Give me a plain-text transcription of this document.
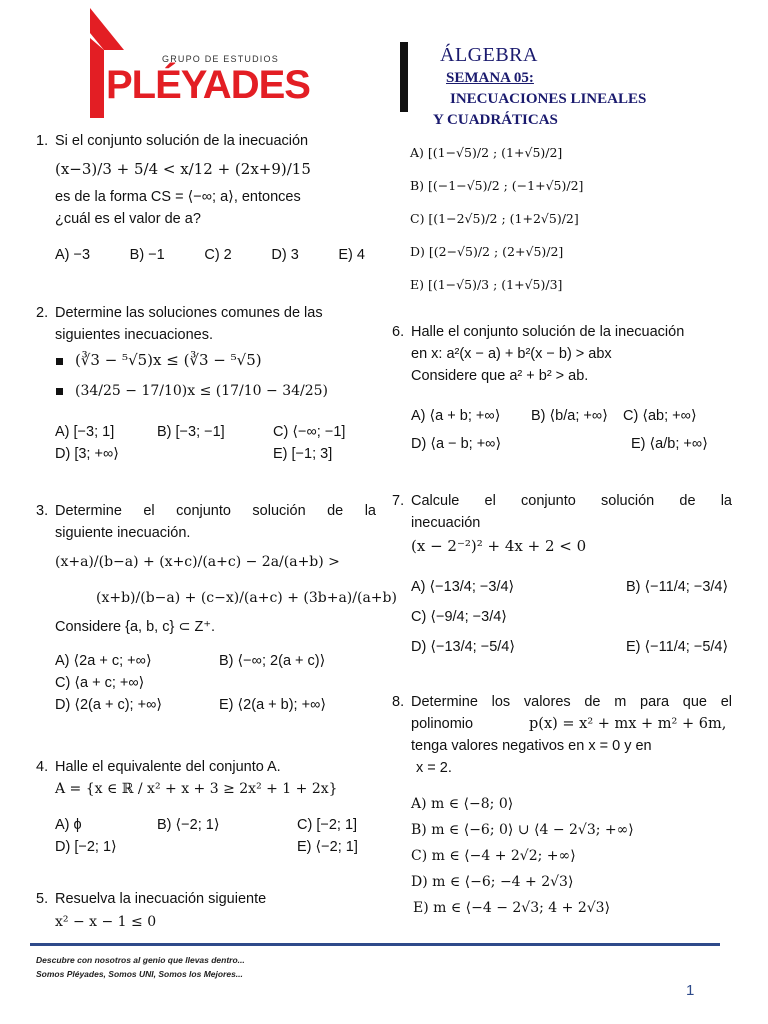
GRUPO DE ESTUDIOS
PLÉYADES
ÁLGEBRA
SEMANA 05:
INECUACIONES LINEALES
Y CUADRÁTICAS
1. Si el conjunto solución de la inecuación
(x−3)/3 + 5/4 < x/12 + (2x+9)/15
es de la forma CS = ⟨−∞; a⟩, entonces
¿cuál es el valor de a?
A) −3	B) −1	C) 2	D) 3	E) 4
2. Determine las soluciones comunes de las
siguientes inecuaciones.
(∛3 − ⁵√5)x ≤ (∛3 − ⁵√5)
(34/25 − 17/10)x ≤ (17/10 − 34/25)
A) [−3; 1]	B) [−3; −1]	C) ⟨−∞; −1]
D) [3; +∞⟩	E) [−1; 3]
3. Determine el conjunto solución de la
siguiente inecuación.
(x+a)/(b−a) + (x+c)/(a+c) − 2a/(a+b) >
(x+b)/(b−a) + (c−x)/(a+c) + (3b+a)/(a+b)
Considere {a, b, c} ⊂ Z⁺.
A) ⟨2a + c; +∞⟩	B) ⟨−∞; 2(a + c)⟩
C) ⟨a + c; +∞⟩
D) ⟨2(a + c); +∞⟩	E) ⟨2(a + b); +∞⟩
4. Halle el equivalente del conjunto A.
A = {x ∈ ℝ / x² + x + 3 ≥ 2x² + 1 + 2x}
A) ϕ	B) ⟨−2; 1⟩	C) [−2; 1]
D) [−2; 1⟩	E) ⟨−2; 1]
5. Resuelva la inecuación siguiente
x² − x − 1 ≤ 0
A) [(1−√5)/2 ; (1+√5)/2]
B) [(−1−√5)/2 ; (−1+√5)/2]
C) [(1−2√5)/2 ; (1+2√5)/2]
D) [(2−√5)/2 ; (2+√5)/2]
E) [(1−√5)/3 ; (1+√5)/3]
6. Halle el conjunto solución de la inecuación
en x: a²(x − a) + b²(x − b) > abx
Considere que a² + b² > ab.
A) ⟨a + b; +∞⟩	B) ⟨b/a; +∞⟩	C) ⟨ab; +∞⟩
D) ⟨a − b; +∞⟩	E) ⟨a/b; +∞⟩
7. Calcule el conjunto solución de la
inecuación
(x − 2⁻²)² + 4x + 2 < 0
A) ⟨−13/4; −3/4⟩	B) ⟨−11/4; −3/4⟩
C) ⟨−9/4; −3/4⟩
D) ⟨−13/4; −5/4⟩	E) ⟨−11/4; −5/4⟩
8. Determine los valores de m para que el
polinomio	p(x) = x² + mx + m² + 6m,
tenga valores negativos en x = 0 y en
x = 2.
A) m ∈ ⟨−8; 0⟩
B) m ∈ ⟨−6; 0⟩ ∪ ⟨4 − 2√3; +∞⟩
C) m ∈ ⟨−4 + 2√2; +∞⟩
D) m ∈ ⟨−6; −4 + 2√3⟩
E) m ∈ ⟨−4 − 2√3; 4 + 2√3⟩
Descubre con nosotros al genio que llevas dentro...
Somos Pléyades, Somos UNI, Somos los Mejores...
1
